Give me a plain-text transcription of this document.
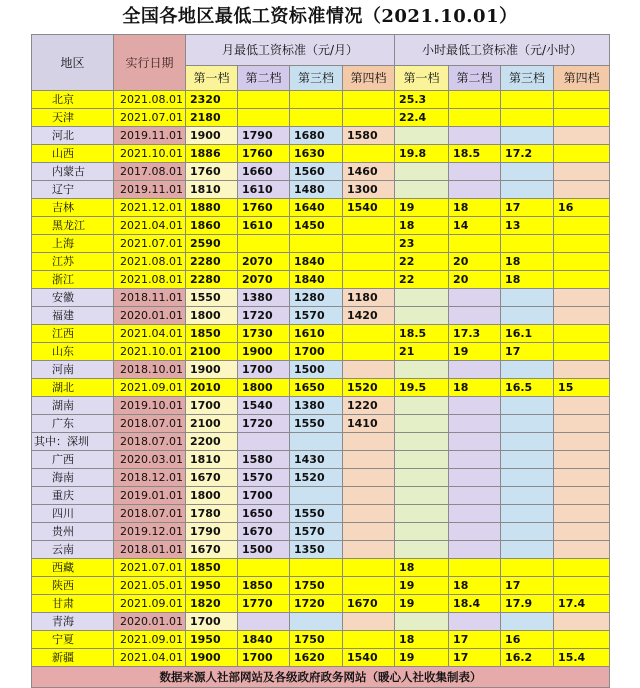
全国各地区最低工资标准情况（2021.10.01）
地区	实行日期	月最低工资标准（元/月）				小时最低工资标准（元/小时）			
		第一档	第二档	第三档	第四档	第一档	第二档	第三档	第四档
北京	2021.08.01	2320				25.3			
天津	2021.07.01	2180				22.4			
河北	2019.11.01	1900	1790	1680	1580				
山西	2021.10.01	1886	1760	1630		19.8	18.5	17.2	
内蒙古	2017.08.01	1760	1660	1560	1460				
辽宁	2019.11.01	1810	1610	1480	1300				
吉林	2021.12.01	1880	1760	1640	1540	19	18	17	16
黑龙江	2021.04.01	1860	1610	1450		18	14	13	
上海	2021.07.01	2590				23			
江苏	2021.08.01	2280	2070	1840		22	20	18	
浙江	2021.08.01	2280	2070	1840		22	20	18	
安徽	2018.11.01	1550	1380	1280	1180				
福建	2020.01.01	1800	1720	1570	1420				
江西	2021.04.01	1850	1730	1610		18.5	17.3	16.1	
山东	2021.10.01	2100	1900	1700		21	19	17	
河南	2018.10.01	1900	1700	1500					
湖北	2021.09.01	2010	1800	1650	1520	19.5	18	16.5	15
湖南	2019.10.01	1700	1540	1380	1220				
广东	2018.07.01	2100	1720	1550	1410				
其中：深圳	2018.07.01	2200							
广西	2020.03.01	1810	1580	1430					
海南	2018.12.01	1670	1570	1520					
重庆	2019.01.01	1800	1700						
四川	2018.07.01	1780	1650	1550					
贵州	2019.12.01	1790	1670	1570					
云南	2018.01.01	1670	1500	1350					
西藏	2021.07.01	1850				18			
陕西	2021.05.01	1950	1850	1750		19	18	17	
甘肃	2021.09.01	1820	1770	1720	1670	19	18.4	17.9	17.4
青海	2020.01.01	1700							
宁夏	2021.09.01	1950	1840	1750		18	17	16	
新疆	2021.04.01	1900	1700	1620	1540	19	17	16.2	15.4
数据来源人社部网站及各级政府政务网站（暖心人社收集制表）									
